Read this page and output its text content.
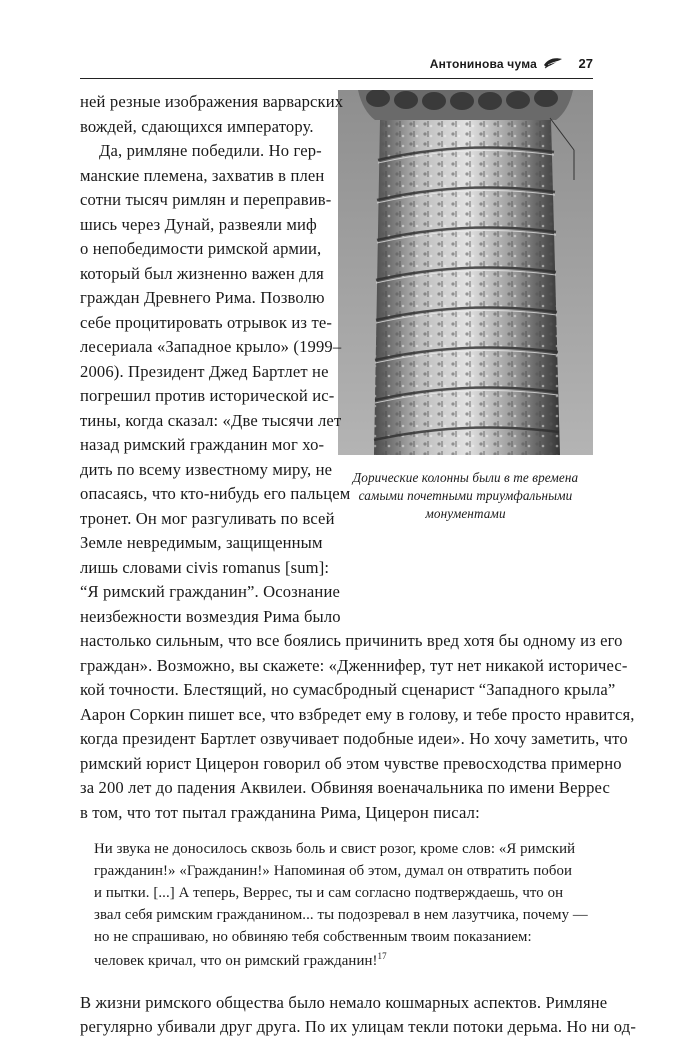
Антонинова чума	27
Дорические колонны были в те времена
самыми почетными триумфальными
монументами
ней резные изображения варварских
вождей, сдающихся императору.
Да, римляне победили. Но гер-
манские племена, захватив в плен
сотни тысяч римлян и переправив-
шись через Дунай, развеяли миф
о непобедимости римской армии,
который был жизненно важен для
граждан Древнего Рима. Позволю
себе процитировать отрывок из те-
лесериала «Западное крыло» (1999–
2006). Президент Джед Бартлет не
погрешил против исторической ис-
тины, когда сказал: «Две тысячи лет
назад римский гражданин мог хо-
дить по всему известному миру, не
опасаясь, что кто-нибудь его пальцем
тронет. Он мог разгуливать по всей
Земле невредимым, защищенным
лишь словами civis romanus [sum]:
“Я римский гражданин”. Осознание
неизбежности возмездия Рима было
настолько сильным, что все боялись причинить вред хотя бы одному из его
граждан». Возможно, вы скажете: «Дженнифер, тут нет никакой историчес-
кой точности. Блестящий, но сумасбродный сценарист “Западного крыла”
Аарон Соркин пишет все, что взбредет ему в голову, и тебе просто нравится,
когда президент Бартлет озвучивает подобные идеи». Но хочу заметить, что
римский юрист Цицерон говорил об этом чувстве превосходства примерно
за 200 лет до падения Аквилеи. Обвиняя военачальника по имени Веррес
в том, что тот пытал гражданина Рима, Цицерон писал:
Ни звука не доносилось сквозь боль и свист розог, кроме слов: «Я римский
гражданин!» «Гражданин!» Напоминая об этом, думал он отвратить побои
и пытки. [...] А теперь, Веррес, ты и сам согласно подтверждаешь, что он
звал себя римским гражданином... ты подозревал в нем лазутчика, почему —
но не спрашиваю, но обвиняю тебя собственным твоим показанием:
человек кричал, что он римский гражданин!$^{17}$
В жизни римского общества было немало кошмарных аспектов. Римляне
регулярно убивали друг друга. По их улицам текли потоки дерьма. Но ни од-
